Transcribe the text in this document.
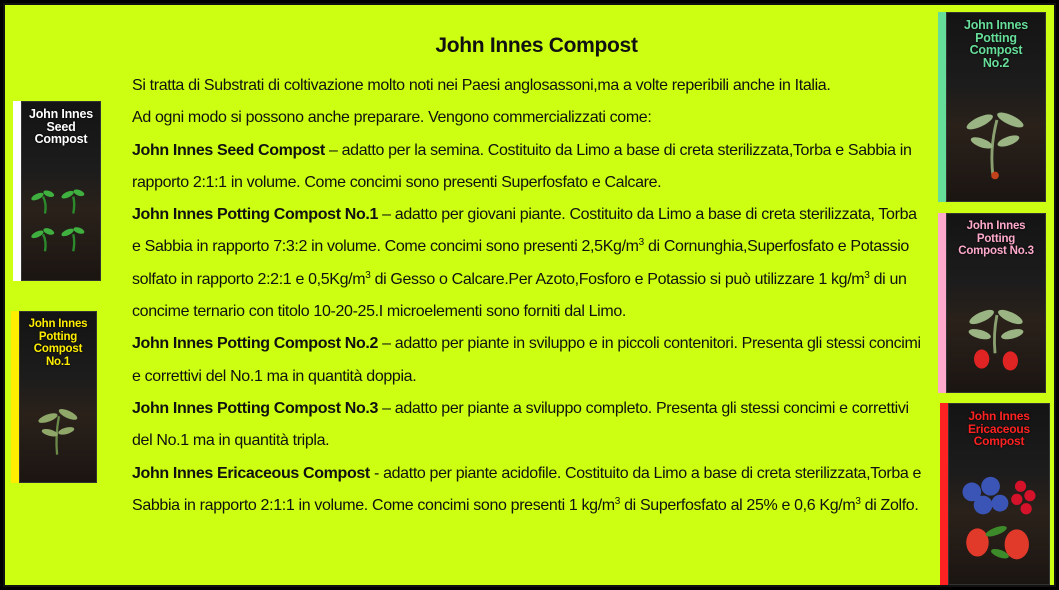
John Innes Compost

Si tratta di Substrati di coltivazione molto noti nei Paesi anglosassoni,ma a volte reperibili anche in Italia.

Ad ogni modo si possono anche preparare. Vengono commercializzati come:

John Innes Seed Compost – adatto per la semina. Costituito da Limo a base di creta sterilizzata,Torba e Sabbia in rapporto 2:1:1 in volume. Come concimi sono presenti Superfosfato e Calcare.

John Innes Potting Compost No.1 – adatto per giovani piante. Costituito da Limo a base di creta sterilizzata, Torba e Sabbia in rapporto 7:3:2 in volume. Come concimi sono presenti $2,5Kg/m^3$ di Cornunghia,Superfosfato e Potassio solfato in rapporto 2:2:1 e $0,5Kg/m^3$ di Gesso o Calcare.Per Azoto,Fosforo e Potassio si può utilizzare 1 $kg/m^3$ di un concime ternario con titolo 10-20-25.I microelementi sono forniti dal Limo.

John Innes Potting Compost No.2 – adatto per piante in sviluppo e in piccoli contenitori. Presenta gli stessi concimi e correttivi del No.1 ma in quantità doppia.

John Innes Potting Compost No.3 – adatto per piante a sviluppo completo. Presenta gli stessi concimi e correttivi del No.1 ma in quantità tripla.

John Innes Ericaceous Compost - adatto per piante acidofile. Costituito da Limo a base di creta sterilizzata,Torba e Sabbia in rapporto 2:1:1 in volume. Come concimi sono presenti 1 $kg/m^3$ di Superfosfato al 25% e 0,6 $Kg/m^3$ di Zolfo.

John Innes Seed Compost
John Innes Potting Compost No.1
John Innes Potting Compost No.2
John Innes Potting Compost No.3
John Innes Ericaceous Compost
